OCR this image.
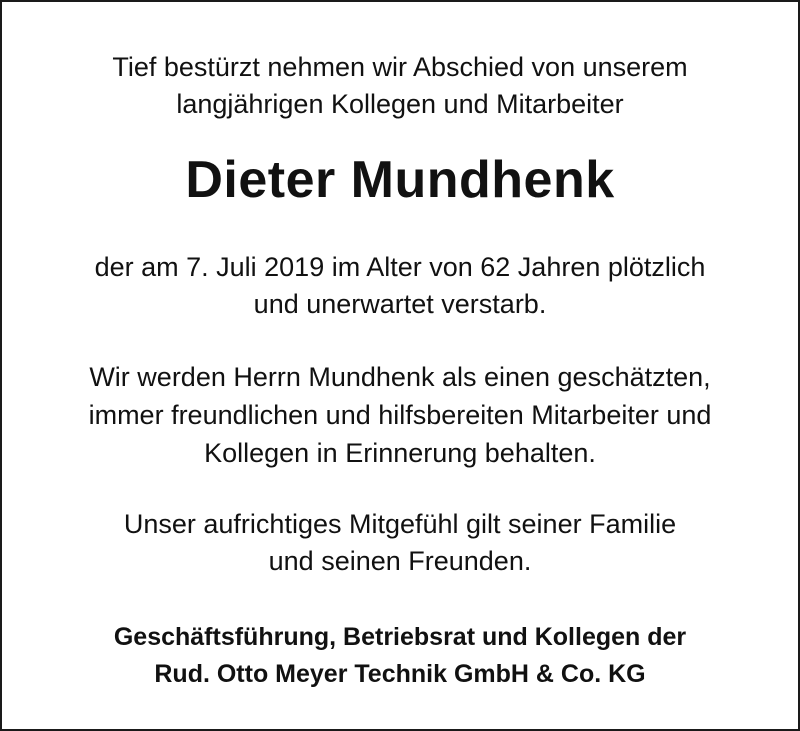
Tief bestürzt nehmen wir Abschied von unserem
langjährigen Kollegen und Mitarbeiter
Dieter Mundhenk
der am 7. Juli 2019 im Alter von 62 Jahren plötzlich
und unerwartet verstarb.
Wir werden Herrn Mundhenk als einen geschätzten,
immer freundlichen und hilfsbereiten Mitarbeiter und
Kollegen in Erinnerung behalten.
Unser aufrichtiges Mitgefühl gilt seiner Familie
und seinen Freunden.
Geschäftsführung, Betriebsrat und Kollegen der
Rud. Otto Meyer Technik GmbH & Co. KG
